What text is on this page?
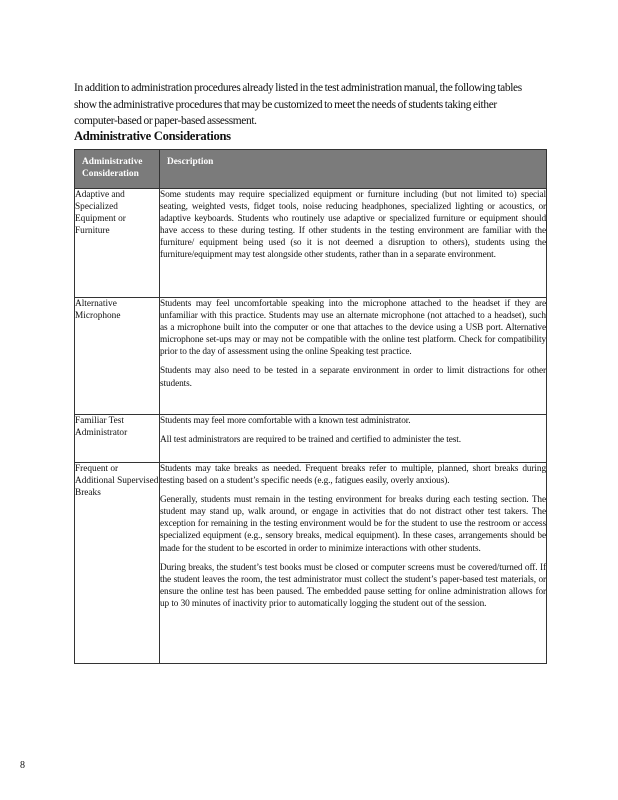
In addition to administration procedures already listed in the test administration manual, the following tables show the administrative procedures that may be customized to meet the needs of students taking either computer-based or paper-based assessment.

Administrative Considerations
Administrative Consideration	Description
Adaptive and Specialized Equipment or Furniture	Some students may require specialized equipment or furniture including (but not limited to) special seating, weighted vests, fidget tools, noise reducing headphones, specialized lighting or acoustics, or adaptive keyboards. Students who routinely use adaptive or specialized furniture or equipment should have access to these during testing. If other students in the testing environment are familiar with the furniture/ equipment being used (so it is not deemed a disruption to others), students using the furniture/equipment may test alongside other students, rather than in a separate environment.

Alternative Microphone	Students may feel uncomfortable speaking into the microphone attached to the headset if they are unfamiliar with this practice. Students may use an alternate microphone (not attached to a headset), such as a microphone built into the computer or one that attaches to the device using a USB port. Alternative microphone set-ups may or may not be compatible with the online test platform. Check for compatibility prior to the day of assessment using the online Speaking test practice.

Students may also need to be tested in a separate environment in order to limit distractions for other students.

Familiar Test Administrator	Students may feel more comfortable with a known test administrator.

All test administrators are required to be trained and certified to administer the test.

Frequent or Additional Supervised Breaks	Students may take breaks as needed. Frequent breaks refer to multiple, planned, short breaks during testing based on a student’s specific needs (e.g., fatigues easily, overly anxious).

Generally, students must remain in the testing environment for breaks during each testing section. The student may stand up, walk around, or engage in activities that do not distract other test takers. The exception for remaining in the testing environment would be for the student to use the restroom or access specialized equipment (e.g., sensory breaks, medical equipment). In these cases, arrangements should be made for the student to be escorted in order to minimize interactions with other students.

During breaks, the student’s test books must be closed or computer screens must be covered/turned off. If the student leaves the room, the test administrator must collect the student’s paper-based test materials, or ensure the online test has been paused. The embedded pause setting for online administration allows for up to 30 minutes of inactivity prior to automatically logging the student out of the session.

8
